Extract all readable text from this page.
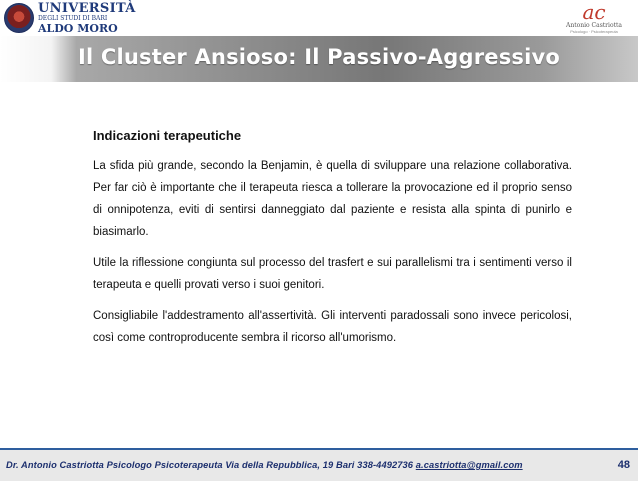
UNIVERSITÀ
DEGLI STUDI DI BARI
ALDO MORO
ac
Antonio Castriotta
Psicologo · Psicoterapeuta
Il Cluster Ansioso: Il Passivo-Aggressivo

Indicazioni terapeutiche

La sfida più grande, secondo la Benjamin, è quella di sviluppare una relazione collaborativa. Per far ciò è importante che il terapeuta riesca a tollerare la provocazione ed il proprio senso di onnipotenza, eviti di sentirsi danneggiato dal paziente e resista alla spinta di punirlo e biasimarlo.

Utile la riflessione congiunta sul processo del trasfert e sui parallelismi tra i sentimenti verso il terapeuta e quelli provati verso i suoi genitori.

Consigliabile l'addestramento all'assertività. Gli interventi paradossali sono invece pericolosi, così come controproducente sembra il ricorso all'umorismo.

Dr. Antonio Castriotta Psicologo Psicoterapeuta Via della Repubblica, 19 Bari 338-4492736 a.castriotta@gmail.com	48
